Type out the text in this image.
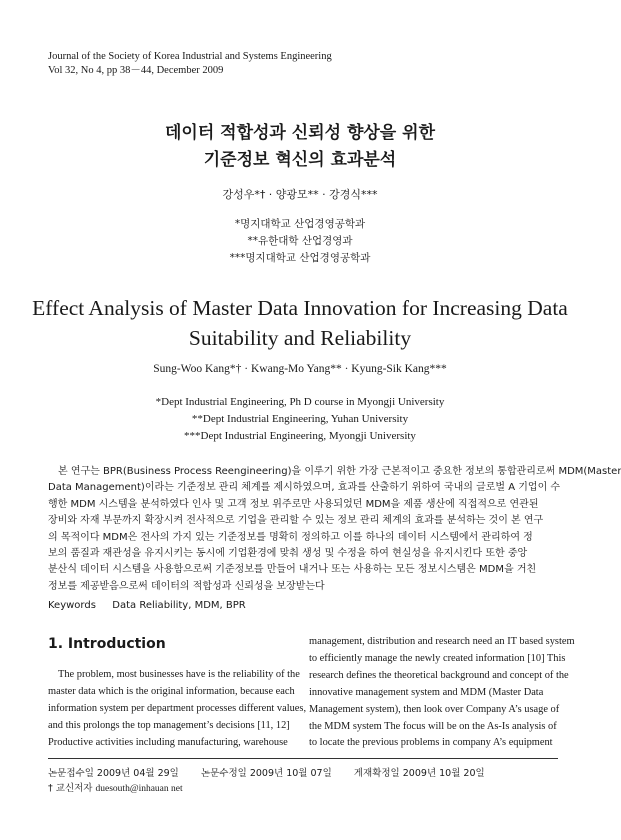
Journal of the Society of Korea Industrial and Systems Engineering
Vol 32, No 4, pp 38－44, December 2009
데이터 적합성과 신뢰성 향상을 위한
기준정보 혁신의 효과분석
강성우*† · 양광모** · 강경식***
*명지대학교 산업경영공학과
**유한대학 산업경영과
***명지대학교 산업경영공학과
Effect Analysis of Master Data Innovation for Increasing Data
Suitability and Reliability
Sung-Woo Kang*† · Kwang-Mo Yang** · Kyung-Sik Kang***
*Dept Industrial Engineering, Ph D course in Myongji University
**Dept Industrial Engineering, Yuhan University
***Dept Industrial Engineering, Myongji University
본 연구는 BPR(Business Process Reengineering)을 이루기 위한 가장 근본적이고 중요한 정보의 통합관리로써 MDM(Master
Data Management)이라는 기준정보 관리 체계를 제시하였으며, 효과를 산출하기 위하여 국내의 글로벌 A 기업이 수
행한 MDM 시스템을 분석하였다 인사 및 고객 정보 위주로만 사용되었던 MDM을 제품 생산에 직접적으로 연관된
장비와 자재 부문까지 확장시켜 전사적으로 기업을 관리할 수 있는 정보 관리 체계의 효과를 분석하는 것이 본 연구
의 목적이다 MDM은 전사의 가지 있는 기준정보를 명확히 정의하고 이를 하나의 데이터 시스템에서 관리하여 정
보의 품질과 재관성을 유지시키는 동시에 기업환경에 맞춰 생성 및 수정을 하여 현실성을 유지시킨다 또한 중앙
분산식 데이터 시스템을 사용함으로써 기준정보를 만들어 내거나 또는 사용하는 모든 정보시스템은 MDM을 거친
정보를 제공받음으로써 데이터의 적합성과 신뢰성을 보장받는다
Keywords Data Reliability, MDM, BPR
1. Introduction
The problem, most businesses have is the reliability of the
master data which is the original information, because each
information system per department processes different values,
and this prolongs the top management’s decisions [11, 12]
Productive activities including manufacturing, warehouse
management, distribution and research need an IT based system
to efficiently manage the newly created information [10] This
research defines the theoretical background and concept of the
innovative management system and MDM (Master Data
Management system), then look over Company A’s usage of
the MDM system The focus will be on the As-Is analysis of
to locate the previous problems in company A’s equipment
논문접수일 2009년 04월 29일 논문수정일 2009년 10월 07일 게재확정일 2009년 10월 20일
† 교신저자 duesouth@inhauan net
